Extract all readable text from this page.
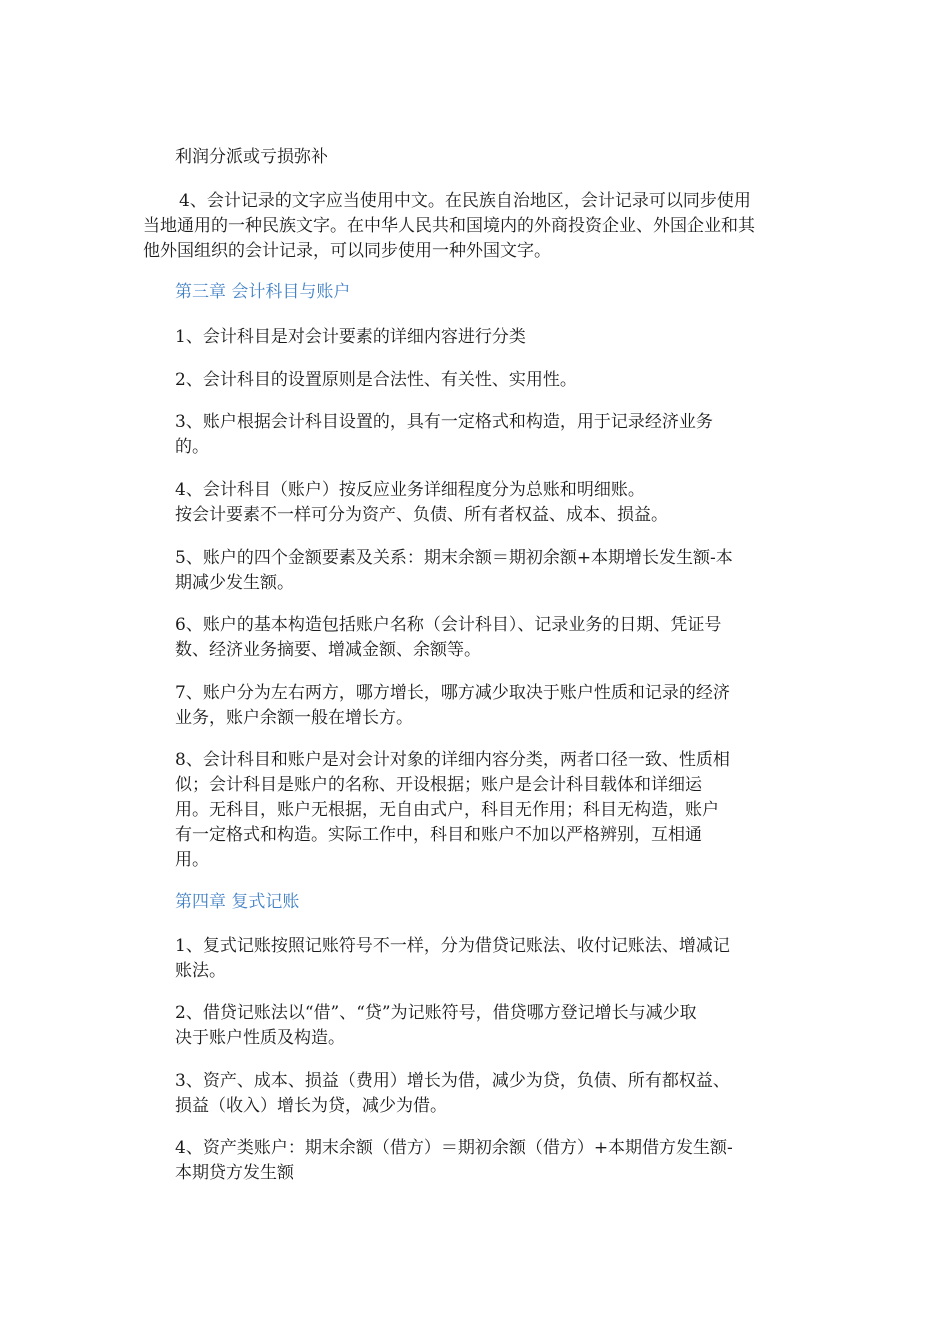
利润分派或亏损弥补

4、会计记录的文字应当使用中文。在民族自治地区，会计记录可以同步使用
当地通用的一种民族文字。在中华人民共和国境内的外商投资企业、外国企业和其
他外国组织的会计记录，可以同步使用一种外国文字。

第三章 会计科目与账户

1、会计科目是对会计要素的详细内容进行分类

2、会计科目的设置原则是合法性、有关性、实用性。

3、账户根据会计科目设置的，具有一定格式和构造，用于记录经济业务
的。

4、会计科目（账户）按反应业务详细程度分为总账和明细账。
按会计要素不一样可分为资产、负债、所有者权益、成本、损益。

5、账户的四个金额要素及关系：期末余额＝期初余额+本期增长发生额-本
期减少发生额。

6、账户的基本构造包括账户名称（会计科目）、记录业务的日期、凭证号
数、经济业务摘要、增减金额、余额等。

7、账户分为左右两方，哪方增长，哪方减少取决于账户性质和记录的经济
业务，账户余额一般在增长方。

8、会计科目和账户是对会计对象的详细内容分类，两者口径一致、性质相
似；会计科目是账户的名称、开设根据；账户是会计科目载体和详细运
用。无科目，账户无根据，无自由式户，科目无作用；科目无构造，账户
有一定格式和构造。实际工作中，科目和账户不加以严格辨别，互相通
用。

第四章 复式记账

1、复式记账按照记账符号不一样，分为借贷记账法、收付记账法、增减记
账法。

2、借贷记账法以“借”、“贷”为记账符号，借贷哪方登记增长与减少取
决于账户性质及构造。

3、资产、成本、损益（费用）增长为借，减少为贷，负债、所有都权益、
损益（收入）增长为贷，减少为借。

4、资产类账户：期末余额（借方）＝期初余额（借方）+本期借方发生额-
本期贷方发生额
